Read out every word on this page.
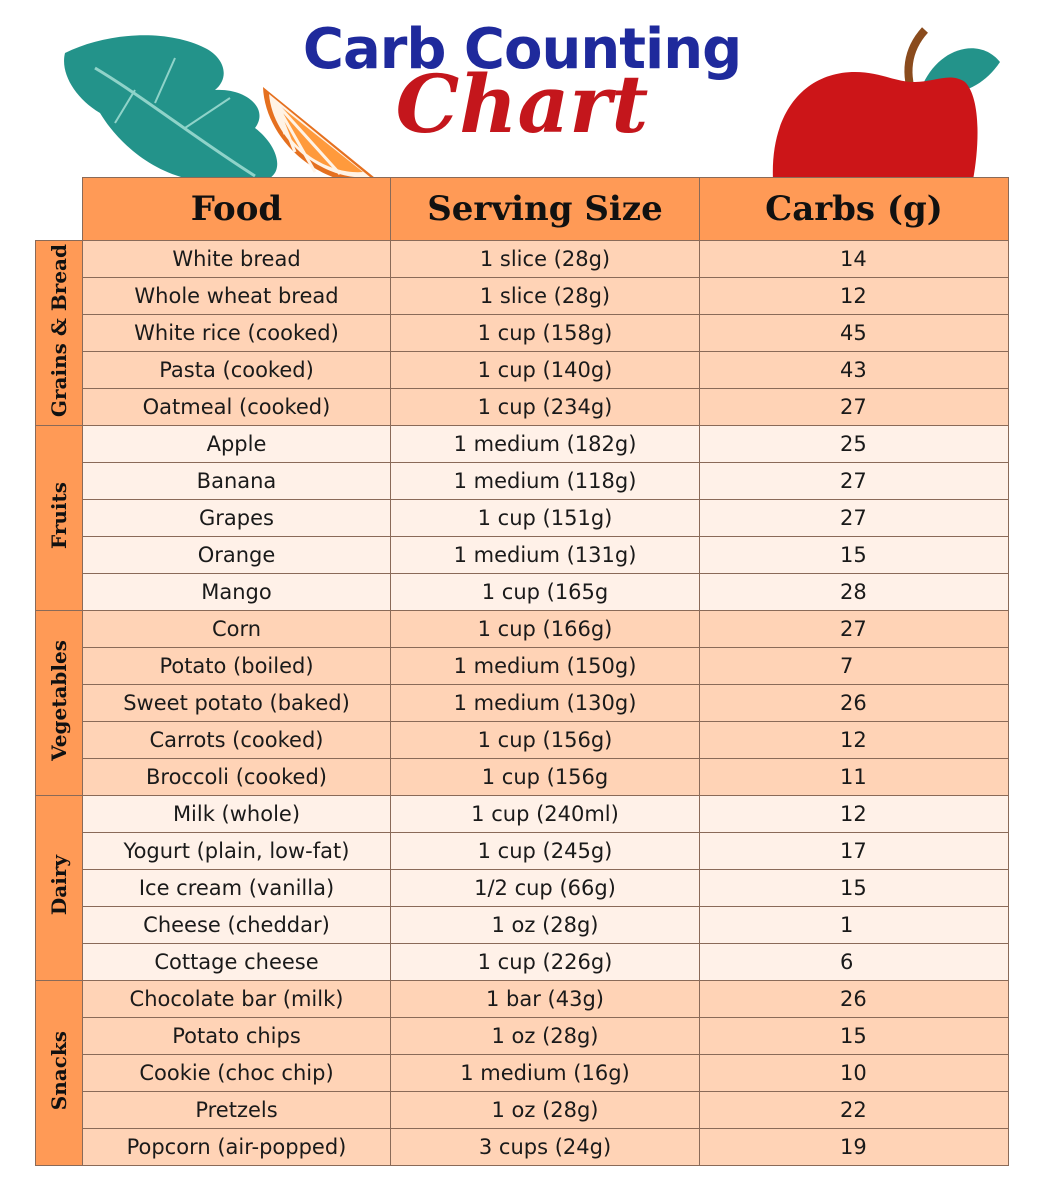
Carb Counting
Chart
	Food	Serving Size	Carbs (g)
Grains & Bread	White bread	1 slice (28g)	14
	Whole wheat bread	1 slice (28g)	12
	White rice (cooked)	1 cup (158g)	45
	Pasta (cooked)	1 cup (140g)	43
	Oatmeal (cooked)	1 cup (234g)	27
Fruits	Apple	1 medium (182g)	25
	Banana	1 medium (118g)	27
	Grapes	1 cup (151g)	27
	Orange	1 medium (131g)	15
	Mango	1 cup (165g	28
Vegetables	Corn	1 cup (166g)	27
	Potato (boiled)	1 medium (150g)	7
	Sweet potato (baked)	1 medium (130g)	26
	Carrots (cooked)	1 cup (156g)	12
	Broccoli (cooked)	1 cup (156g	11
Dairy	Milk (whole)	1 cup (240ml)	12
	Yogurt (plain, low-fat)	1 cup (245g)	17
	Ice cream (vanilla)	1/2 cup (66g)	15
	Cheese (cheddar)	1 oz (28g)	1
	Cottage cheese	1 cup (226g)	6
Snacks	Chocolate bar (milk)	1 bar (43g)	26
	Potato chips	1 oz (28g)	15
	Cookie (choc chip)	1 medium (16g)	10
	Pretzels	1 oz (28g)	22
	Popcorn (air-popped)	3 cups (24g)	19
